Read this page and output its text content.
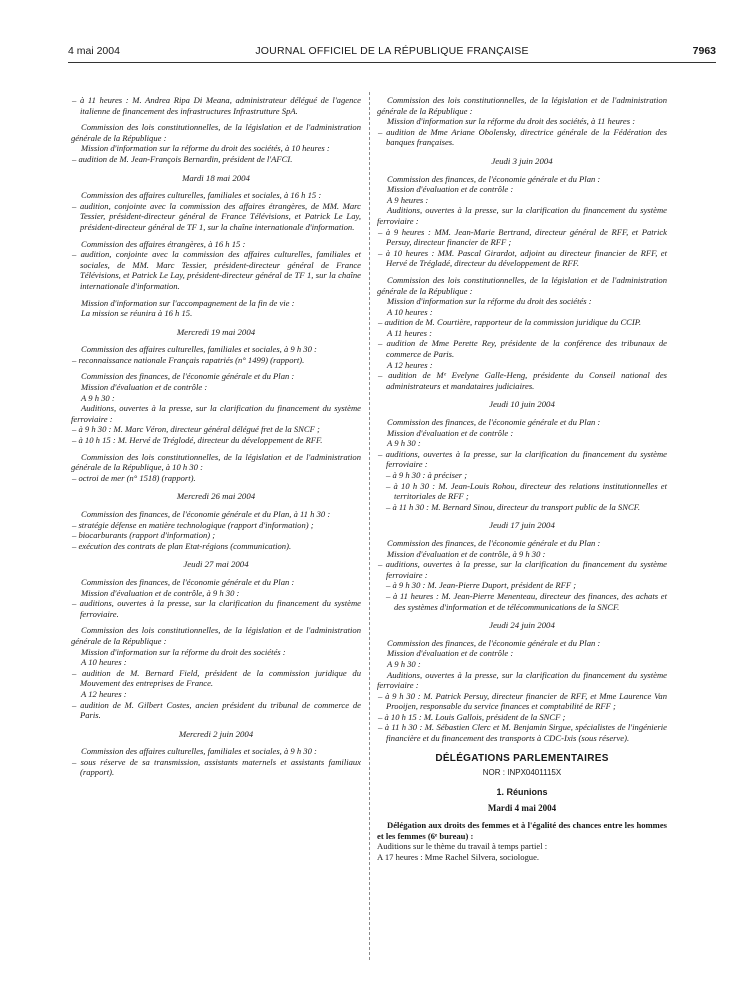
4 mai 2004	JOURNAL OFFICIEL DE LA RÉPUBLIQUE FRANÇAISE	7963

– à 11 heures : M. Andrea Ripa Di Meana, administrateur délégué de l'agence italienne de financement des infrastructures Infrastrutture SpA.

Commission des lois constitutionnelles, de la législation et de l'administration générale de la République :

Mission d'information sur la réforme du droit des sociétés, à 10 heures :

– audition de M. Jean-François Bernardin, président de l'AFCI.

Mardi 18 mai 2004

Commission des affaires culturelles, familiales et sociales, à 16 h 15 :

– audition, conjointe avec la commission des affaires étrangères, de MM. Marc Tessier, président-directeur général de France Télévisions, et Patrick Le Lay, président-directeur général de TF 1, sur la chaîne internationale d'information.

Commission des affaires étrangères, à 16 h 15 :

– audition, conjointe avec la commission des affaires culturelles, familiales et sociales, de MM. Marc Tessier, président-directeur général de France Télévisions, et Patrick Le Lay, président-directeur général de TF 1, sur la chaîne internationale d'information.

Mission d'information sur l'accompagnement de la fin de vie :

La mission se réunira à 16 h 15.

Mercredi 19 mai 2004

Commission des affaires culturelles, familiales et sociales, à 9 h 30 :

– reconnaissance nationale Français rapatriés (n° 1499) (rapport).

Commission des finances, de l'économie générale et du Plan :

Mission d'évaluation et de contrôle :

A 9 h 30 :

Auditions, ouvertes à la presse, sur la clarification du financement du système ferroviaire :

– à 9 h 30 : M. Marc Véron, directeur général délégué fret de la SNCF ;

– à 10 h 15 : M. Hervé de Tréglodé, directeur du développement de RFF.

Commission des lois constitutionnelles, de la législation et de l'administration générale de la République, à 10 h 30 :

– octroi de mer (n° 1518) (rapport).

Mercredi 26 mai 2004

Commission des finances, de l'économie générale et du Plan, à 11 h 30 :

– stratégie défense en matière technologique (rapport d'information) ;

– biocarburants (rapport d'information) ;

– exécution des contrats de plan Etat-régions (communication).

Jeudi 27 mai 2004

Commission des finances, de l'économie générale et du Plan :

Mission d'évaluation et de contrôle, à 9 h 30 :

– auditions, ouvertes à la presse, sur la clarification du financement du système ferroviaire.

Commission des lois constitutionnelles, de la législation et de l'administration générale de la République :

Mission d'information sur la réforme du droit des sociétés :

A 10 heures :

– audition de M. Bernard Field, président de la commission juridique du Mouvement des entreprises de France.

A 12 heures :

– audition de M. Gilbert Costes, ancien président du tribunal de commerce de Paris.

Mercredi 2 juin 2004

Commission des affaires culturelles, familiales et sociales, à 9 h 30 :

– sous réserve de sa transmission, assistants maternels et assistants familiaux (rapport).

Commission des lois constitutionnelles, de la législation et de l'administration générale de la République :

Mission d'information sur la réforme du droit des sociétés, à 11 heures :

– audition de Mme Ariane Obolensky, directrice générale de la Fédération des banques françaises.

Jeudi 3 juin 2004

Commission des finances, de l'économie générale et du Plan :

Mission d'évaluation et de contrôle :

A 9 heures :

Auditions, ouvertes à la presse, sur la clarification du financement du système ferroviaire :

– à 9 heures : MM. Jean-Marie Bertrand, directeur général de RFF, et Patrick Persuy, directeur financier de RFF ;

– à 10 heures : MM. Pascal Girardot, adjoint au directeur financier de RFF, et Hervé de Trégladé, directeur du développement de RFF.

Commission des lois constitutionnelles, de la législation et de l'administration générale de la République :

Mission d'information sur la réforme du droit des sociétés :

A 10 heures :

– audition de M. Courtière, rapporteur de la commission juridique du CCIP.

A 11 heures :

– audition de Mme Perette Rey, présidente de la conférence des tribunaux de commerce de Paris.

A 12 heures :

– audition de Mᵉ Evelyne Galle-Heng, présidente du Conseil national des administrateurs et mandataires judiciaires.

Jeudi 10 juin 2004

Commission des finances, de l'économie générale et du Plan :

Mission d'évaluation et de contrôle :

A 9 h 30 :

– auditions, ouvertes à la presse, sur la clarification du financement du système ferroviaire :

– à 9 h 30 : à préciser ;

– à 10 h 30 : M. Jean-Louis Rohou, directeur des relations institutionnelles et territoriales de RFF ;

– à 11 h 30 : M. Bernard Sinou, directeur du transport public de la SNCF.

Jeudi 17 juin 2004

Commission des finances, de l'économie générale et du Plan :

Mission d'évaluation et de contrôle, à 9 h 30 :

– auditions, ouvertes à la presse, sur la clarification du financement du système ferroviaire :

– à 9 h 30 : M. Jean-Pierre Duport, président de RFF ;

– à 11 heures : M. Jean-Pierre Menenteau, directeur des finances, des achats et des systèmes d'information et de télécommunications de la SNCF.

Jeudi 24 juin 2004

Commission des finances, de l'économie générale et du Plan :

Mission d'évaluation et de contrôle :

A 9 h 30 :

Auditions, ouvertes à la presse, sur la clarification du financement du système ferroviaire :

– à 9 h 30 : M. Patrick Persuy, directeur financier de RFF, et Mme Laurence Van Prooijen, responsable du service finances et comptabilité de RFF ;

– à 10 h 15 : M. Louis Gallois, président de la SNCF ;

– à 11 h 30 : M. Sébastien Clerc et M. Benjamin Sirgue, spécialistes de l'ingénierie financière et du financement des transports à CDC-Ixis (sous réserve).

DÉLÉGATIONS PARLEMENTAIRES
NOR : INPX0401115X
1. Réunions
Mardi 4 mai 2004

Délégation aux droits des femmes et à l'égalité des chances entre les hommes et les femmes (6ᵉ bureau) :

Auditions sur le thème du travail à temps partiel :

A 17 heures : Mme Rachel Silvera, sociologue.
